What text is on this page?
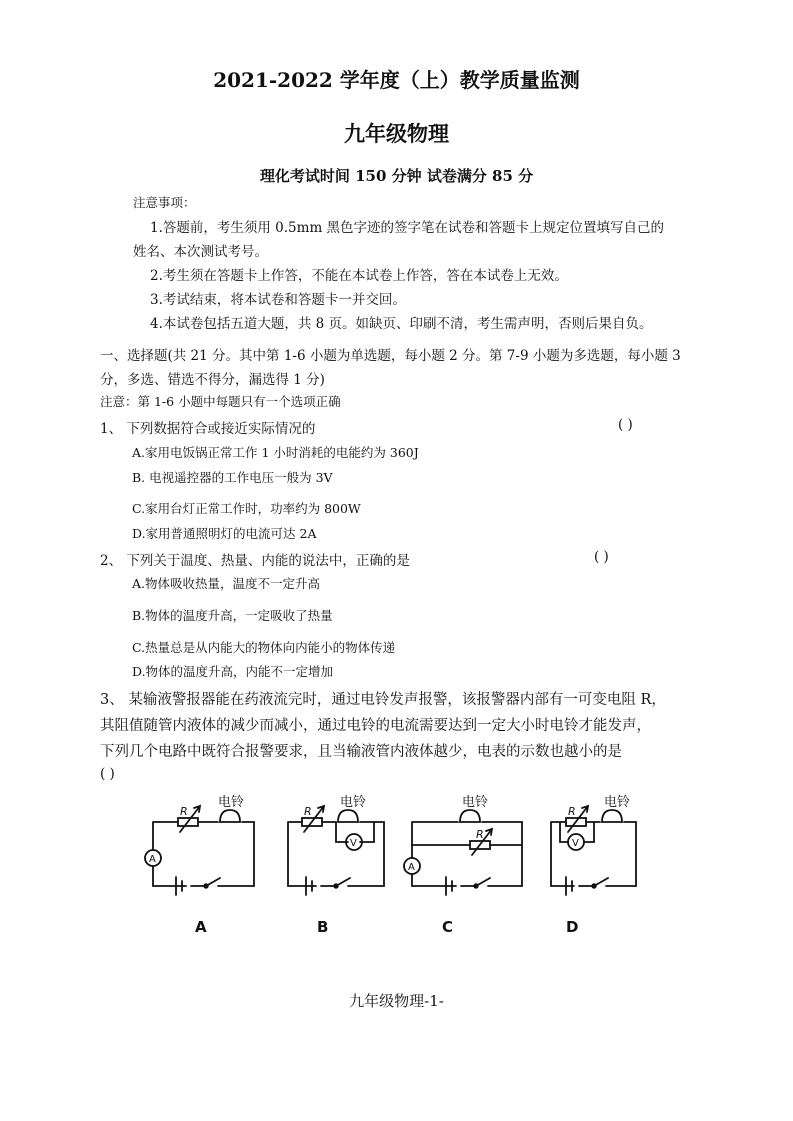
2021-2022 学年度（上）教学质量监测
九年级物理
理化考试时间 150 分钟 试卷满分 85 分
注意事项：
1.答题前，考生须用 0.5mm 黑色字迹的签字笔在试卷和答题卡上规定位置填写自己的
姓名、本次测试考号。
2.考生须在答题卡上作答，不能在本试卷上作答，答在本试卷上无效。
3.考试结束，将本试卷和答题卡一并交回。
4.本试卷包括五道大题，共 8 页。如缺页、印刷不清，考生需声明，否则后果自负。
一、选择题(共 21 分。其中第 1-6 小题为单选题，每小题 2 分。第 7-9 小题为多选题，每小题 3
分，多选、错选不得分，漏选得 1 分)
注意：第 1-6 小题中每题只有一个选项正确
1、 下列数据符合或接近实际情况的	( )
A.家用电饭锅正常工作 1 小时消耗的电能约为 360J
B. 电视遥控器的工作电压一般为 3V
C.家用台灯正常工作时，功率约为 800W
D.家用普通照明灯的电流可达 2A
2、 下列关于温度、热量、内能的说法中，正确的是	( )
A.物体吸收热量，温度不一定升高
B.物体的温度升高，一定吸收了热量
C.热量总是从内能大的物体向内能小的物体传递
D.物体的温度升高，内能不一定增加
3、 某输液警报器能在药液流完时，通过电铃发声报警，该报警器内部有一可变电阻 R，
其阻值随管内液体的减少而减小，通过电铃的电流需要达到一定大小时电铃才能发声，
下列几个电路中既符合报警要求，且当输液管内液体越少，电表的示数也越小的是
( )
电铃
R
A
电铃
R
V
电铃
R
A
电铃
R
V
A	B	C	D
九年级物理-1-
